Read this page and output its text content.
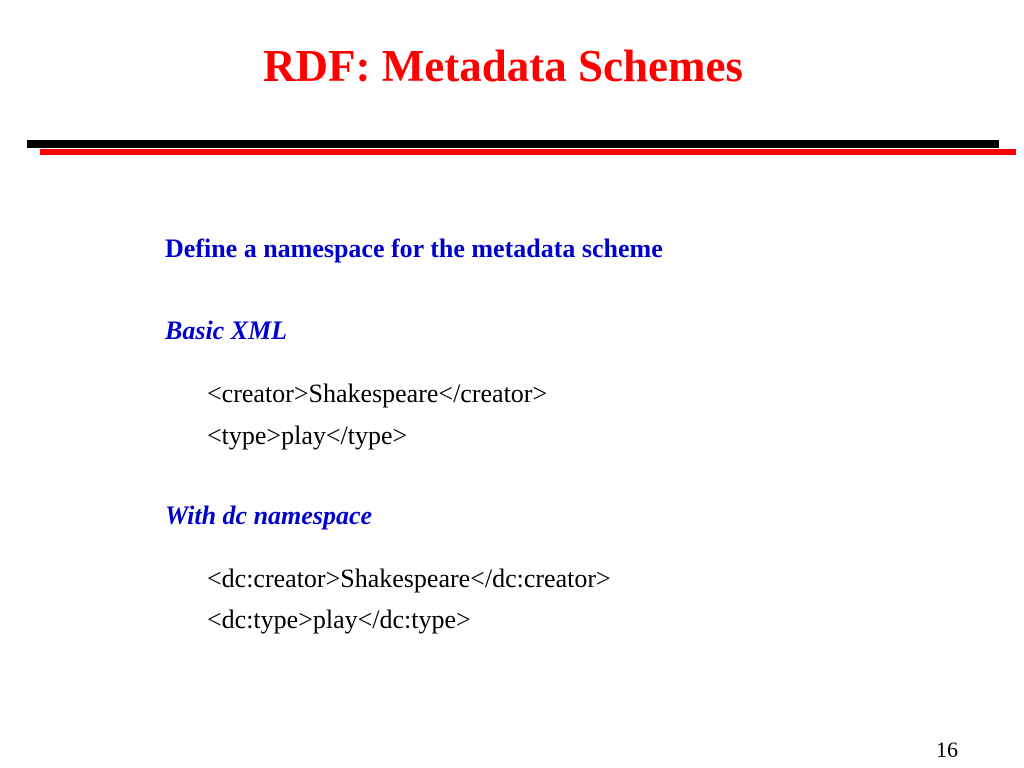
RDF: Metadata Schemes
Define a namespace for the metadata scheme
Basic XML
<creator>Shakespeare</creator>
<type>play</type>
With dc namespace
<dc:creator>Shakespeare</dc:creator>
<dc:type>play</dc:type>
16
